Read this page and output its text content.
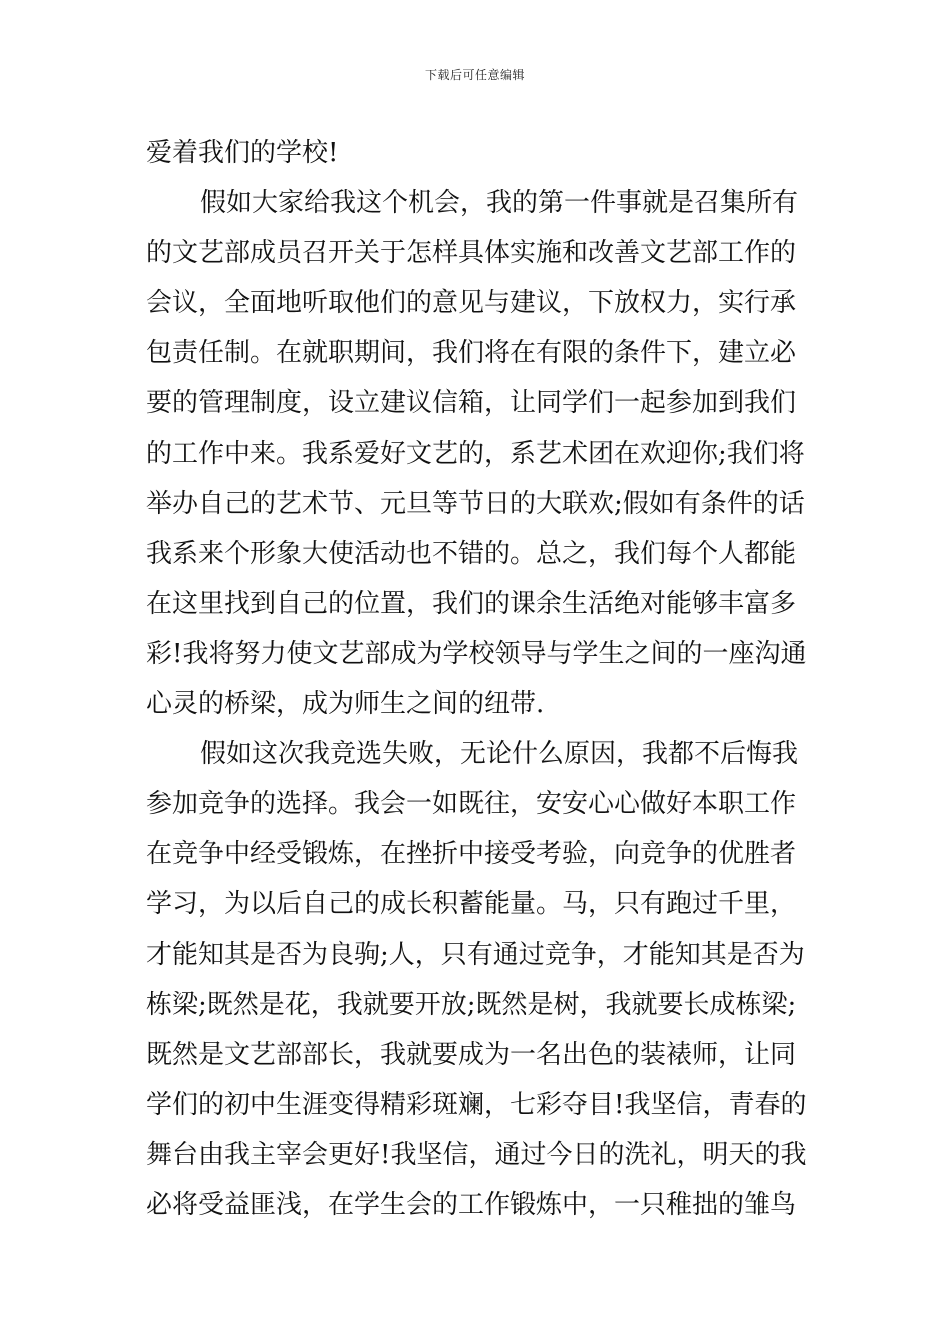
下载后可任意编辑
爱着我们的学校!
假如大家给我这个机会，我的第一件事就是召集所有
的文艺部成员召开关于怎样具体实施和改善文艺部工作的
会议，全面地听取他们的意见与建议，下放权力，实行承
包责任制。在就职期间，我们将在有限的条件下，建立必
要的管理制度，设立建议信箱，让同学们一起参加到我们
的工作中来。我系爱好文艺的，系艺术团在欢迎你;我们将
举办自己的艺术节、元旦等节日的大联欢;假如有条件的话
我系来个形象大使活动也不错的。总之，我们每个人都能
在这里找到自己的位置，我们的课余生活绝对能够丰富多
彩!我将努力使文艺部成为学校领导与学生之间的一座沟通
心灵的桥梁，成为师生之间的纽带.
假如这次我竞选失败，无论什么原因，我都不后悔我
参加竞争的选择。我会一如既往，安安心心做好本职工作
在竞争中经受锻炼，在挫折中接受考验，向竞争的优胜者
学习，为以后自己的成长积蓄能量。马，只有跑过千里，
才能知其是否为良驹;人，只有通过竞争，才能知其是否为
栋梁;既然是花，我就要开放;既然是树，我就要长成栋梁;
既然是文艺部部长，我就要成为一名出色的装裱师，让同
学们的初中生涯变得精彩斑斓，七彩夺目!我坚信，青春的
舞台由我主宰会更好!我坚信，通过今日的洗礼，明天的我
必将受益匪浅，在学生会的工作锻炼中，一只稚拙的雏鸟
